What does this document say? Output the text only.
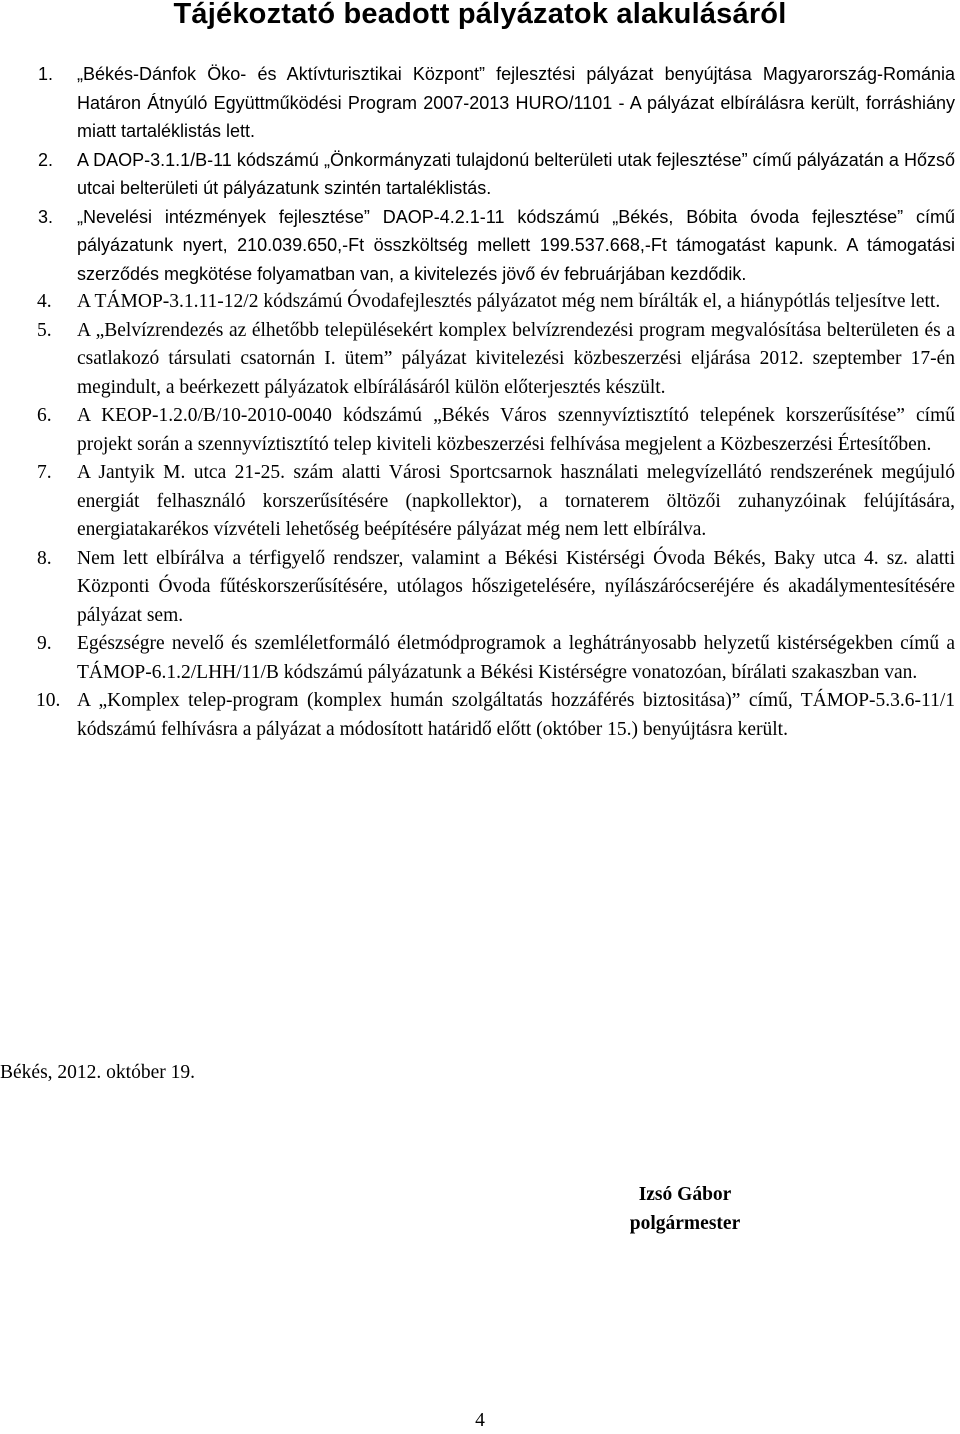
Tájékoztató beadott pályázatok alakulásáról
1.	„Békés-Dánfok Öko- és Aktívturisztikai Központ” fejlesztési pályázat benyújtása Magyarország-Románia Határon Átnyúló Együttműködési Program 2007-2013 HURO/1101 - A pályázat elbírálásra került, forráshiány miatt tartaléklistás lett.
2.	A DAOP-3.1.1/B-11 kódszámú „Önkormányzati tulajdonú belterületi utak fejlesztése” című pályázatán a Hőzső utcai belterületi út pályázatunk szintén tartaléklistás.
3.	„Nevelési intézmények fejlesztése” DAOP-4.2.1-11 kódszámú „Békés, Bóbita óvoda fejlesztése” című pályázatunk nyert, 210.039.650,-Ft összköltség mellett 199.537.668,-Ft támogatást kapunk. A támogatási szerződés megkötése folyamatban van, a kivitelezés jövő év februárjában kezdődik.
4.	A TÁMOP-3.1.11-12/2 kódszámú Óvodafejlesztés pályázatot még nem bírálták el, a hiánypótlás teljesítve lett.
5.	A „Belvízrendezés az élhetőbb településekért komplex belvízrendezési program megvalósítása belterületen és a csatlakozó társulati csatornán I. ütem” pályázat kivitelezési közbeszerzési eljárása 2012. szeptember 17-én megindult, a beérkezett pályázatok elbírálásáról külön előterjesztés készült.
6.	A KEOP-1.2.0/B/10-2010-0040 kódszámú „Békés Város szennyvíztisztító telepének korszerűsítése” című projekt során a szennyvíztisztító telep kiviteli közbeszerzési felhívása megjelent a Közbeszerzési Értesítőben.
7.	A Jantyik M. utca 21-25. szám alatti Városi Sportcsarnok használati melegvízellátó rendszerének megújuló energiát felhasználó korszerűsítésére (napkollektor), a tornaterem öltözői zuhanyzóinak felújítására, energiatakarékos vízvételi lehetőség beépítésére pályázat még nem lett elbírálva.
8.	Nem lett elbírálva a térfigyelő rendszer, valamint a Békési Kistérségi Óvoda Békés, Baky utca 4. sz. alatti Központi Óvoda fűtéskorszerűsítésére, utólagos hőszigetelésére, nyílászárócseréjére és akadálymentesítésére pályázat sem.
9.	Egészségre nevelő és szemléletformáló életmódprogramok a leghátrányosabb helyzetű kistérségekben című a TÁMOP-6.1.2/LHH/11/B kódszámú pályázatunk a Békési Kistérségre vonatozóan, bírálati szakaszban van.
10. A „Komplex telep-program (komplex humán szolgáltatás hozzáférés biztositása)” című, TÁMOP-5.3.6-11/1 kódszámú felhívásra a pályázat a módosított határidő előtt (október 15.) benyújtásra került.

Békés, 2012. október 19.

Izsó Gábor
polgármester

4
